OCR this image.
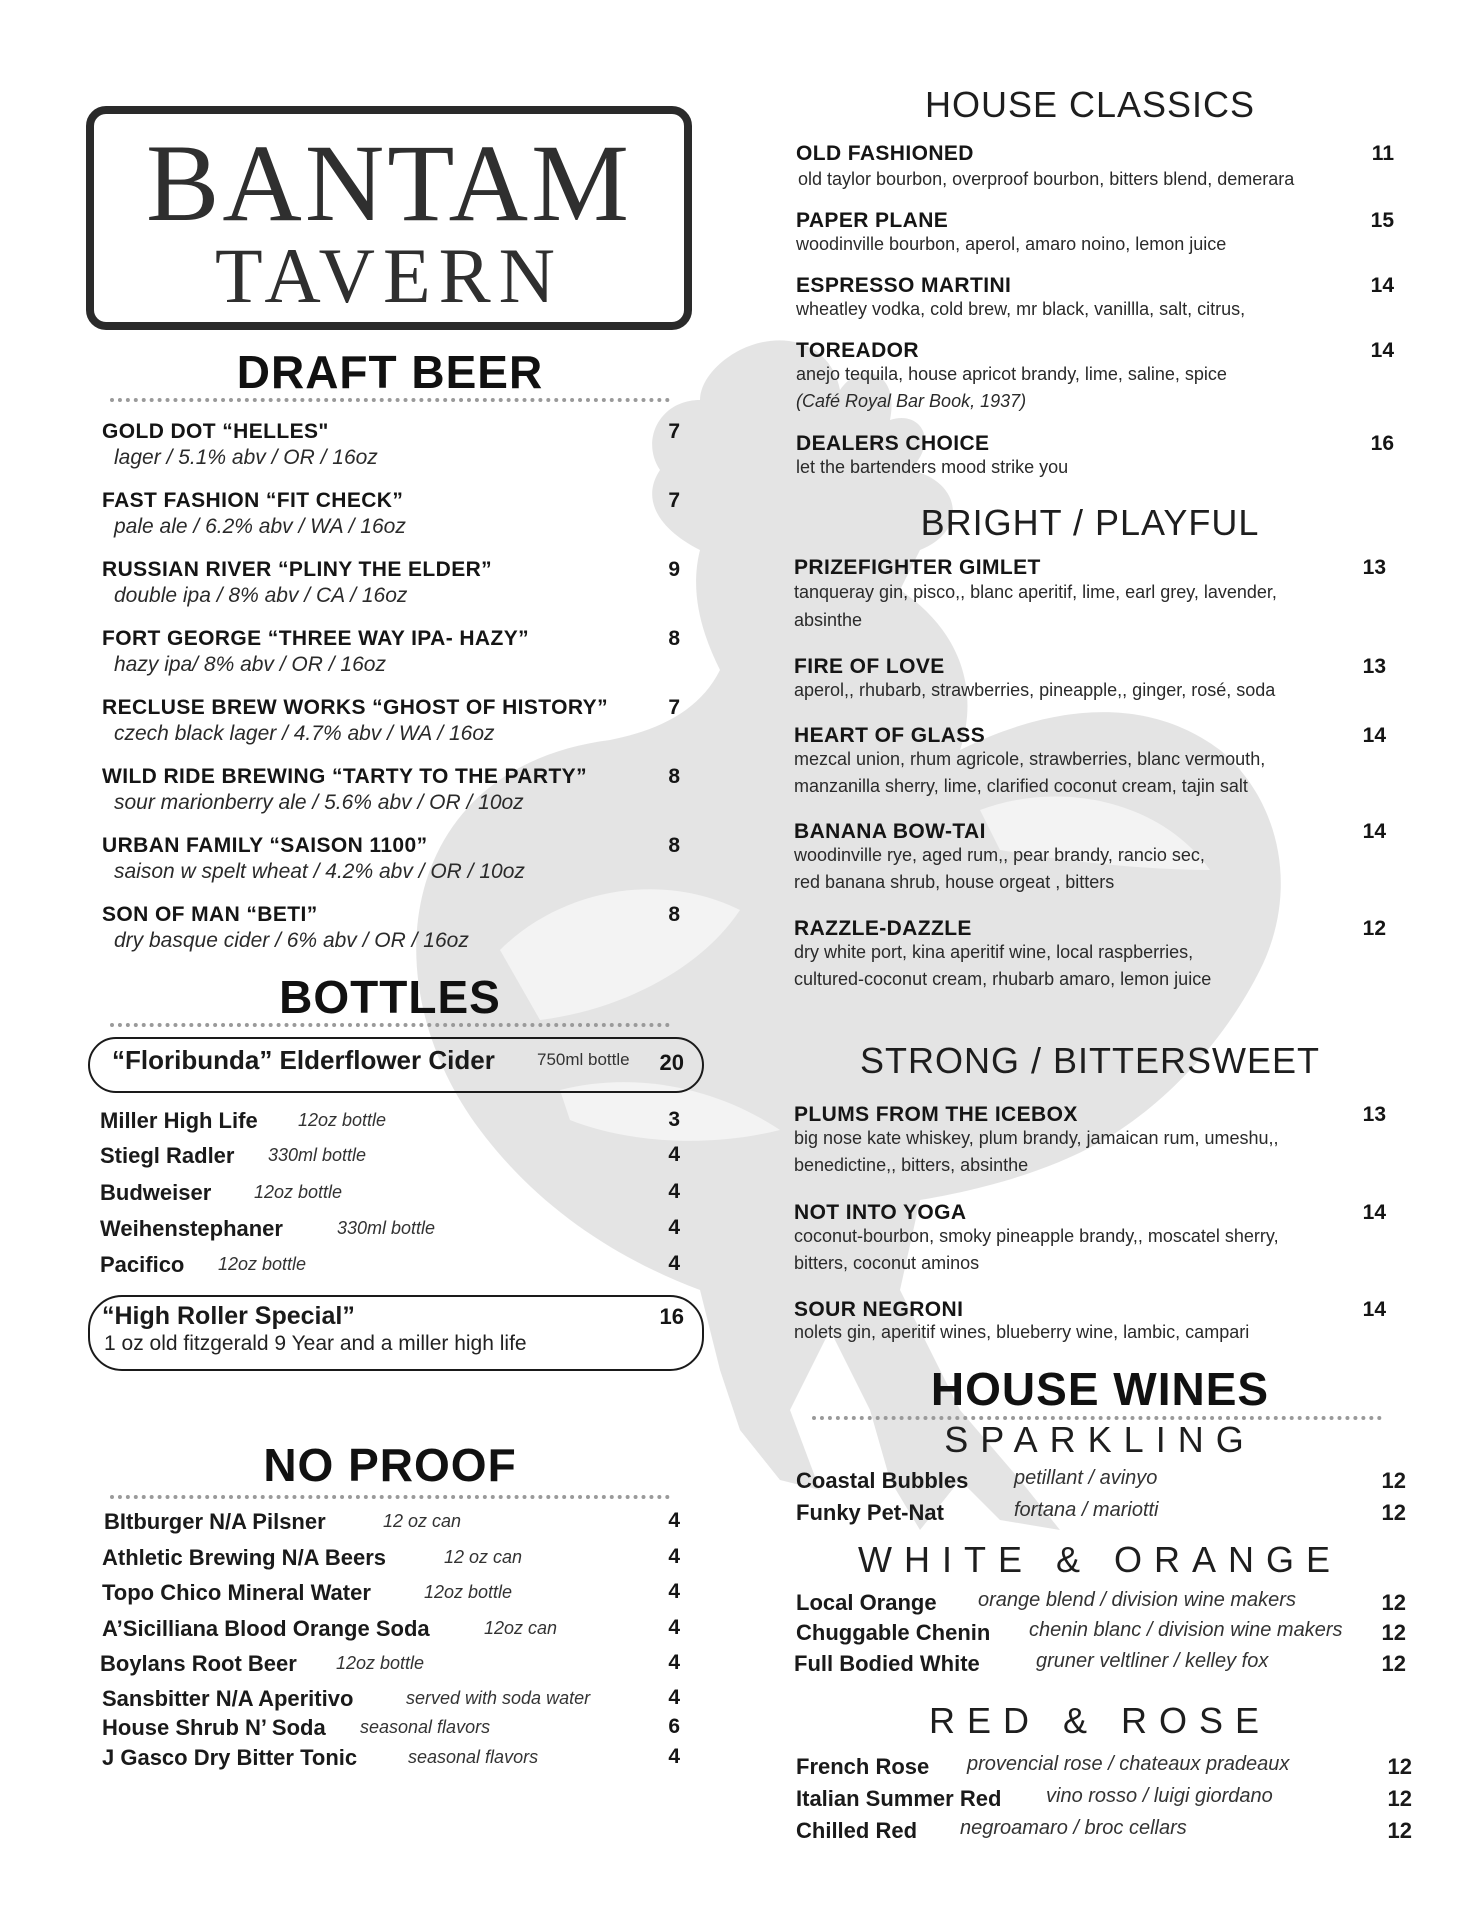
BANTAM
TAVERN
DRAFT BEER
GOLD DOT “HELLES"
lager / 5.1% abv / OR / 16oz
7
FAST FASHION “FIT CHECK”
pale ale / 6.2% abv / WA / 16oz
7
RUSSIAN RIVER “PLINY THE ELDER”
double ipa / 8% abv / CA / 16oz
9
FORT GEORGE “THREE WAY IPA- HAZY”
hazy ipa/ 8% abv / OR / 16oz
8
RECLUSE BREW WORKS “GHOST OF HISTORY”
czech black lager / 4.7% abv / WA / 16oz
7
WILD RIDE BREWING “TARTY TO THE PARTY”
sour marionberry ale / 5.6% abv / OR / 10oz
8
URBAN FAMILY “SAISON 1100”
saison w spelt wheat / 4.2% abv / OR / 10oz
8
SON OF MAN “BETI”
dry basque cider / 6% abv / OR / 16oz
8
BOTTLES
“Floribunda” Elderflower Cider 750ml bottle	20
Miller High Life 12oz bottle	3
Stiegl Radler 330ml bottle	4
Budweiser 12oz bottle	4
Weihenstephaner	330ml bottle	4
Pacifico 12oz bottle	4
“High Roller Special”
1 oz old fitzgerald 9 Year and a miller high life
16
NO PROOF
BItburger N/A Pilsner	12 oz can	4
Athletic Brewing N/A Beers	12 oz can	4
Topo Chico Mineral Water	12oz bottle	4
A’Sicilliana Blood Orange Soda	12oz can	4
Boylans Root Beer 12oz bottle	4
Sansbitter N/A Aperitivo	served with soda water	4
House Shrub N’ Soda seasonal flavors	6
J Gasco Dry Bitter Tonic	seasonal flavors	4
HOUSE CLASSICS
OLD FASHIONED
old taylor bourbon, overproof bourbon, bitters blend, demerara
11
PAPER PLANE
woodinville bourbon, aperol, amaro noino, lemon juice
15
ESPRESSO MARTINI
wheatley vodka, cold brew, mr black, vanillla, salt, citrus,
14
TOREADOR
anejo tequila, house apricot brandy, lime, saline, spice
(Café Royal Bar Book, 1937)
14
DEALERS CHOICE
let the bartenders mood strike you
16
BRIGHT / PLAYFUL
PRIZEFIGHTER GIMLET
tanqueray gin, pisco,, blanc aperitif, lime, earl grey, lavender,
absinthe
13
FIRE OF LOVE
aperol,, rhubarb, strawberries, pineapple,, ginger, rosé, soda
13
HEART OF GLASS
mezcal union, rhum agricole, strawberries, blanc vermouth,
manzanilla sherry, lime, clarified coconut cream, tajin salt
14
BANANA BOW-TAI
woodinville rye, aged rum,, pear brandy, rancio sec,
red banana shrub, house orgeat , bitters
14
RAZZLE-DAZZLE
dry white port, kina aperitif wine, local raspberries,
cultured-coconut cream, rhubarb amaro, lemon juice
12
STRONG / BITTERSWEET
PLUMS FROM THE ICEBOX
big nose kate whiskey, plum brandy, jamaican rum, umeshu,,
benedictine,, bitters, absinthe
13
NOT INTO YOGA
coconut-bourbon, smoky pineapple brandy,, moscatel sherry,
bitters, coconut aminos
14
SOUR NEGRONI
nolets gin, aperitif wines, blueberry wine, lambic, campari
14
HOUSE WINES
SPARKLING
Coastal Bubbles petillant / avinyo	12
Funky Pet-Nat	fortana / mariotti	12
WHITE & ORANGE
Local Orange orange blend / division wine makers	12
Chuggable Chenin chenin blanc / division wine makers	12
Full Bodied White	gruner veltliner / kelley fox	12
RED & ROSE
French Rose provencial rose / chateaux pradeaux	12
Italian Summer Red vino rosso / luigi giordano	12
Chilled Red negroamaro / broc cellars	12
